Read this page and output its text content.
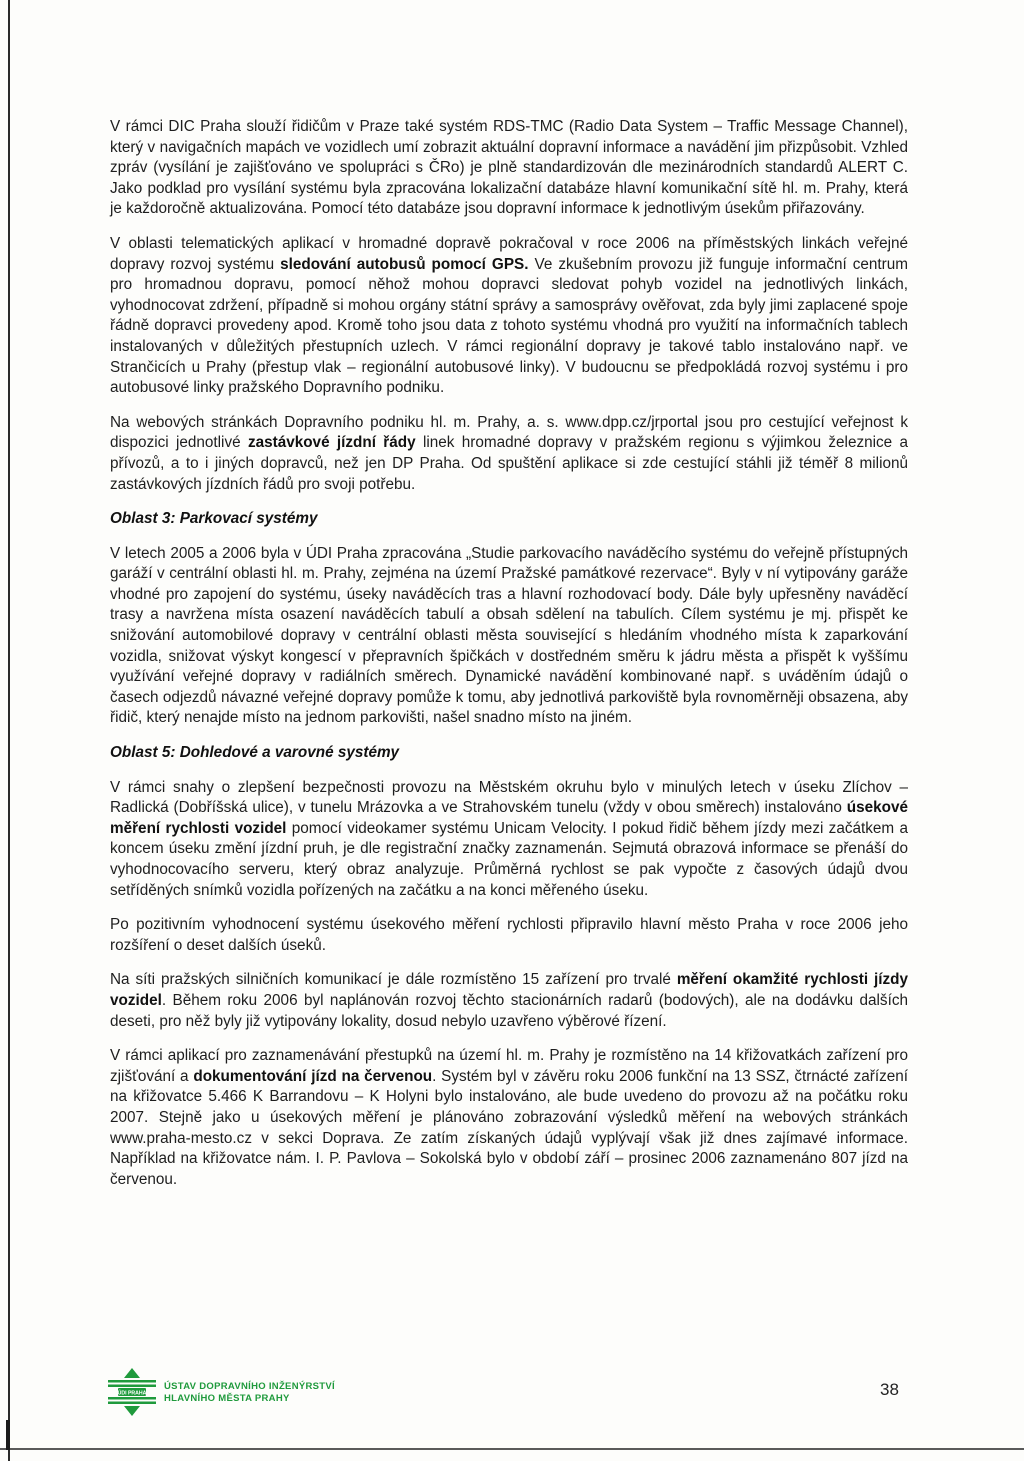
V rámci DIC Praha slouží řidičům v Praze také systém RDS-TMC (Radio Data System – Traffic Message Channel), který v navigačních mapách ve vozidlech umí zobrazit aktuální dopravní informace a navádění jim přizpůsobit. Vzhled zpráv (vysílání je zajišťováno ve spolupráci s ČRo) je plně standardizován dle mezinárodních standardů ALERT C. Jako podklad pro vysílání systému byla zpracována lokalizační databáze hlavní komunikační sítě hl. m. Prahy, která je každoročně aktualizována. Pomocí této databáze jsou dopravní informace k jednotlivým úsekům přiřazovány.

V oblasti telematických aplikací v hromadné dopravě pokračoval v roce 2006 na příměstských linkách veřejné dopravy rozvoj systému sledování autobusů pomocí GPS. Ve zkušebním provozu již funguje informační centrum pro hromadnou dopravu, pomocí něhož mohou dopravci sledovat pohyb vozidel na jednotlivých linkách, vyhodnocovat zdržení, případně si mohou orgány státní správy a samosprávy ověřovat, zda byly jimi zaplacené spoje řádně dopravci provedeny apod. Kromě toho jsou data z tohoto systému vhodná pro využití na informačních tablech instalovaných v důležitých přestupních uzlech. V rámci regionální dopravy je takové tablo instalováno např. ve Strančicích u Prahy (přestup vlak – regionální autobusové linky). V budoucnu se předpokládá rozvoj systému i pro autobusové linky pražského Dopravního podniku.

Na webových stránkách Dopravního podniku hl. m. Prahy, a. s. www.dpp.cz/jrportal jsou pro cestující veřejnost k dispozici jednotlivé zastávkové jízdní řády linek hromadné dopravy v pražském regionu s výjimkou železnice a přívozů, a to i jiných dopravců, než jen DP Praha. Od spuštění aplikace si zde cestující stáhli již téměř 8 milionů zastávkových jízdních řádů pro svoji potřebu.

Oblast 3: Parkovací systémy

V letech 2005 a 2006 byla v ÚDI Praha zpracována „Studie parkovacího naváděcího systému do veřejně přístupných garáží v centrální oblasti hl. m. Prahy, zejména na území Pražské památkové rezervace“. Byly v ní vytipovány garáže vhodné pro zapojení do systému, úseky naváděcích tras a hlavní rozhodovací body. Dále byly upřesněny naváděcí trasy a navržena místa osazení naváděcích tabulí a obsah sdělení na tabulích. Cílem systému je mj. přispět ke snižování automobilové dopravy v centrální oblasti města související s hledáním vhodného místa k zaparkování vozidla, snižovat výskyt kongescí v přepravních špičkách v dostředném směru k jádru města a přispět k vyššímu využívání veřejné dopravy v radiálních směrech. Dynamické navádění kombinované např. s uváděním údajů o časech odjezdů návazné veřejné dopravy pomůže k tomu, aby jednotlivá parkoviště byla rovnoměrněji obsazena, aby řidič, který nenajde místo na jednom parkovišti, našel snadno místo na jiném.

Oblast 5: Dohledové a varovné systémy

V rámci snahy o zlepšení bezpečnosti provozu na Městském okruhu bylo v minulých letech v úseku Zlíchov – Radlická (Dobříšská ulice), v tunelu Mrázovka a ve Strahovském tunelu (vždy v obou směrech) instalováno úsekové měření rychlosti vozidel pomocí videokamer systému Unicam Velocity. I pokud řidič během jízdy mezi začátkem a koncem úseku změní jízdní pruh, je dle registrační značky zaznamenán. Sejmutá obrazová informace se přenáší do vyhodnocovacího serveru, který obraz analyzuje. Průměrná rychlost se pak vypočte z časových údajů dvou setříděných snímků vozidla pořízených na začátku a na konci měřeného úseku.

Po pozitivním vyhodnocení systému úsekového měření rychlosti připravilo hlavní město Praha v roce 2006 jeho rozšíření o deset dalších úseků.

Na síti pražských silničních komunikací je dále rozmístěno 15 zařízení pro trvalé měření okamžité rychlosti jízdy vozidel. Během roku 2006 byl naplánován rozvoj těchto stacionárních radarů (bodových), ale na dodávku dalších deseti, pro něž byly již vytipovány lokality, dosud nebylo uzavřeno výběrové řízení.

V rámci aplikací pro zaznamenávání přestupků na území hl. m. Prahy je rozmístěno na 14 křižovatkách zařízení pro zjišťování a dokumentování jízd na červenou. Systém byl v závěru roku 2006 funkční na 13 SSZ, čtrnácté zařízení na křižovatce 5.466 K Barrandovu – K Holyni bylo instalováno, ale bude uvedeno do provozu až na počátku roku 2007. Stejně jako u úsekových měření je plánováno zobrazování výsledků měření na webových stránkách www.praha-mesto.cz v sekci Doprava. Ze zatím získaných údajů vyplývají však již dnes zajímavé informace. Například na křižovatce nám. I. P. Pavlova – Sokolská bylo v období září – prosinec 2006 zaznamenáno 807 jízd na červenou.

ÚDI PRAHA
ÚSTAV DOPRAVNÍHO INŽENÝRSTVÍ
HLAVNÍHO MĚSTA PRAHY	38
